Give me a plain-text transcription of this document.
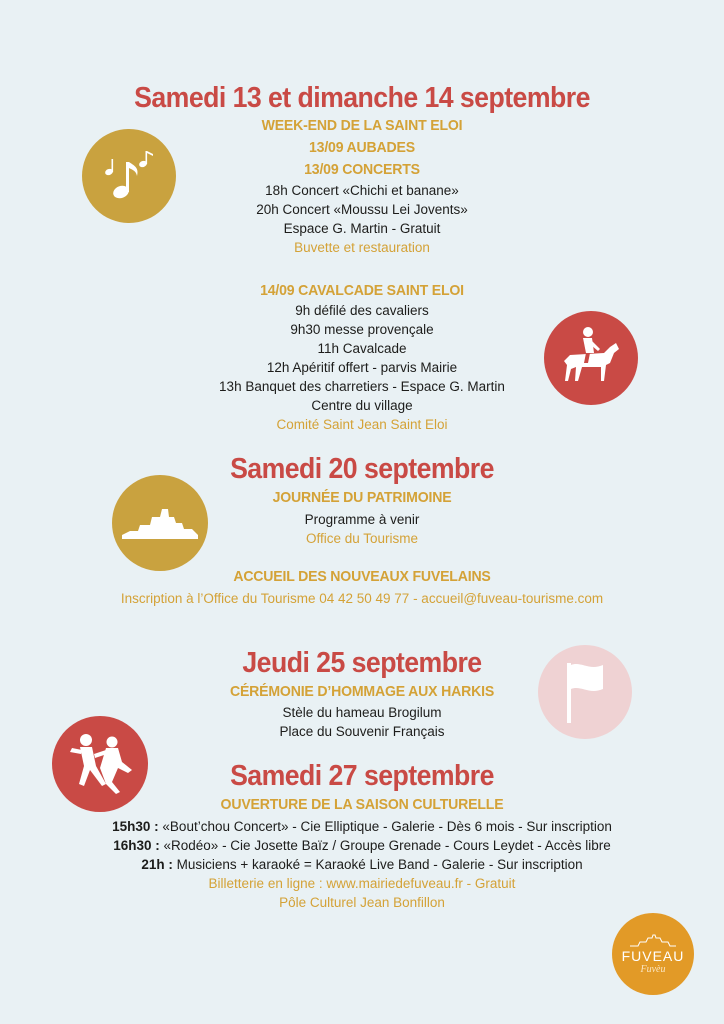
Samedi 13 et dimanche 14 septembre
WEEK-END DE LA SAINT ELOI
13/09 AUBADES
13/09 CONCERTS
18h Concert «Chichi et banane»
20h Concert «Moussu Lei Jovents»
Espace G. Martin - Gratuit
Buvette et restauration
14/09 CAVALCADE SAINT ELOI
9h défilé des cavaliers
9h30 messe provençale
11h Cavalcade
12h Apéritif offert - parvis Mairie
13h Banquet des charretiers - Espace G. Martin
Centre du village
Comité Saint Jean Saint Eloi
Samedi 20 septembre
JOURNÉE DU PATRIMOINE
Programme à venir
Office du Tourisme
ACCUEIL DES NOUVEAUX FUVELAINS
Inscription à l’Office du Tourisme 04 42 50 49 77 - accueil@fuveau-tourisme.com
Jeudi 25 septembre
CÉRÉMONIE D’HOMMAGE AUX HARKIS
Stèle du hameau Brogilum
Place du Souvenir Français
Samedi 27 septembre
OUVERTURE DE LA SAISON CULTURELLE
15h30 : «Bout’chou Concert» - Cie Elliptique - Galerie - Dès 6 mois - Sur inscription
16h30 : «Rodéo» - Cie Josette Baïz / Groupe Grenade - Cours Leydet - Accès libre
21h : Musiciens + karaoké = Karaoké Live Band - Galerie - Sur inscription
Billetterie en ligne : www.mairiedefuveau.fr - Gratuit
Pôle Culturel Jean Bonfillon
FUVEAU
Fuvèu
